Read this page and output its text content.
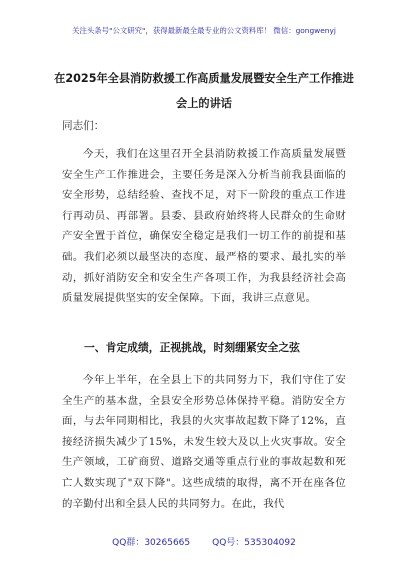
关注头条号"公文研究"，获得最新最全最专业的公文资料库！ 微信：gongwenyj
在2025年全县消防救援工作高质量发展暨安全生产工作推进会上的讲话
同志们：
今天，我们在这里召开全县消防救援工作高质量发展暨安全生产工作推进会，主要任务是深入分析当前我县面临的安全形势，总结经验、查找不足，对下一阶段的重点工作进行再动员、再部署。县委、县政府始终将人民群众的生命财产安全置于首位，确保安全稳定是我们一切工作的前提和基础。我们必须以最坚决的态度、最严格的要求、最扎实的举动，抓好消防安全和安全生产各项工作，为我县经济社会高质量发展提供坚实的安全保障。下面，我讲三点意见。
一、肯定成绩，正视挑战，时刻绷紧安全之弦
今年上半年，在全县上下的共同努力下，我们守住了安全生产的基本盘，全县安全形势总体保持平稳。消防安全方面，与去年同期相比，我县的火灾事故起数下降了12%，直接经济损失减少了15%，未发生较大及以上火灾事故。安全生产领域，工矿商贸、道路交通等重点行业的事故起数和死亡人数实现了"双下降"。这些成绩的取得，离不开在座各位的辛勤付出和全县人民的共同努力。在此，我代
QQ群：30265665 QQ号：535304092
